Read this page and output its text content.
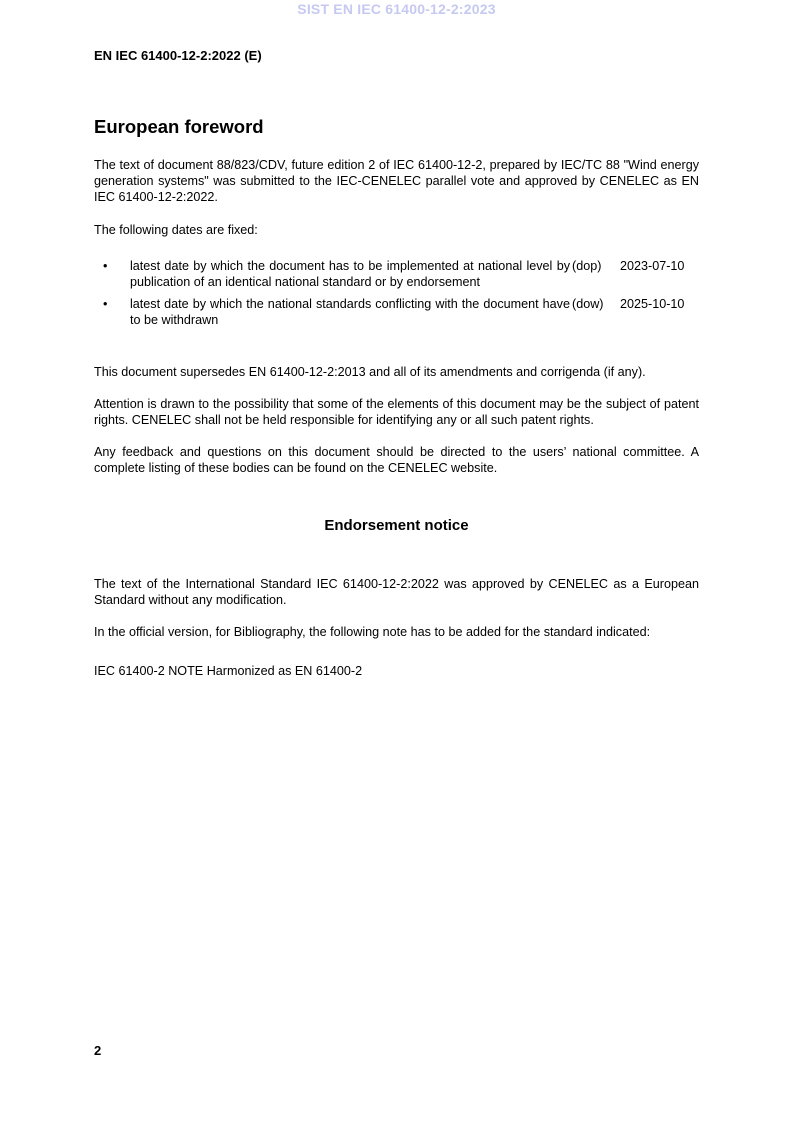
SIST EN IEC 61400-12-2:2023
EN IEC 61400-12-2:2022 (E)
European foreword
The text of document 88/823/CDV, future edition 2 of IEC 61400-12-2, prepared by IEC/TC 88 "Wind energy generation systems" was submitted to the IEC-CENELEC parallel vote and approved by CENELEC as EN IEC 61400-12-2:2022.
The following dates are fixed:
• latest date by which the document has to be implemented at national level by publication of an identical national standard or by endorsement
(dop) 2023-07-10
• latest date by which the national standards conflicting with the document have to be withdrawn
(dow) 2025-10-10
This document supersedes EN 61400-12-2:2013 and all of its amendments and corrigenda (if any).
Attention is drawn to the possibility that some of the elements of this document may be the subject of patent rights. CENELEC shall not be held responsible for identifying any or all such patent rights.
Any feedback and questions on this document should be directed to the users’ national committee. A complete listing of these bodies can be found on the CENELEC website.
Endorsement notice
The text of the International Standard IEC 61400-12-2:2022 was approved by CENELEC as a European Standard without any modification.
In the official version, for Bibliography, the following note has to be added for the standard indicated:
IEC 61400-2 NOTE Harmonized as EN 61400-2
2
